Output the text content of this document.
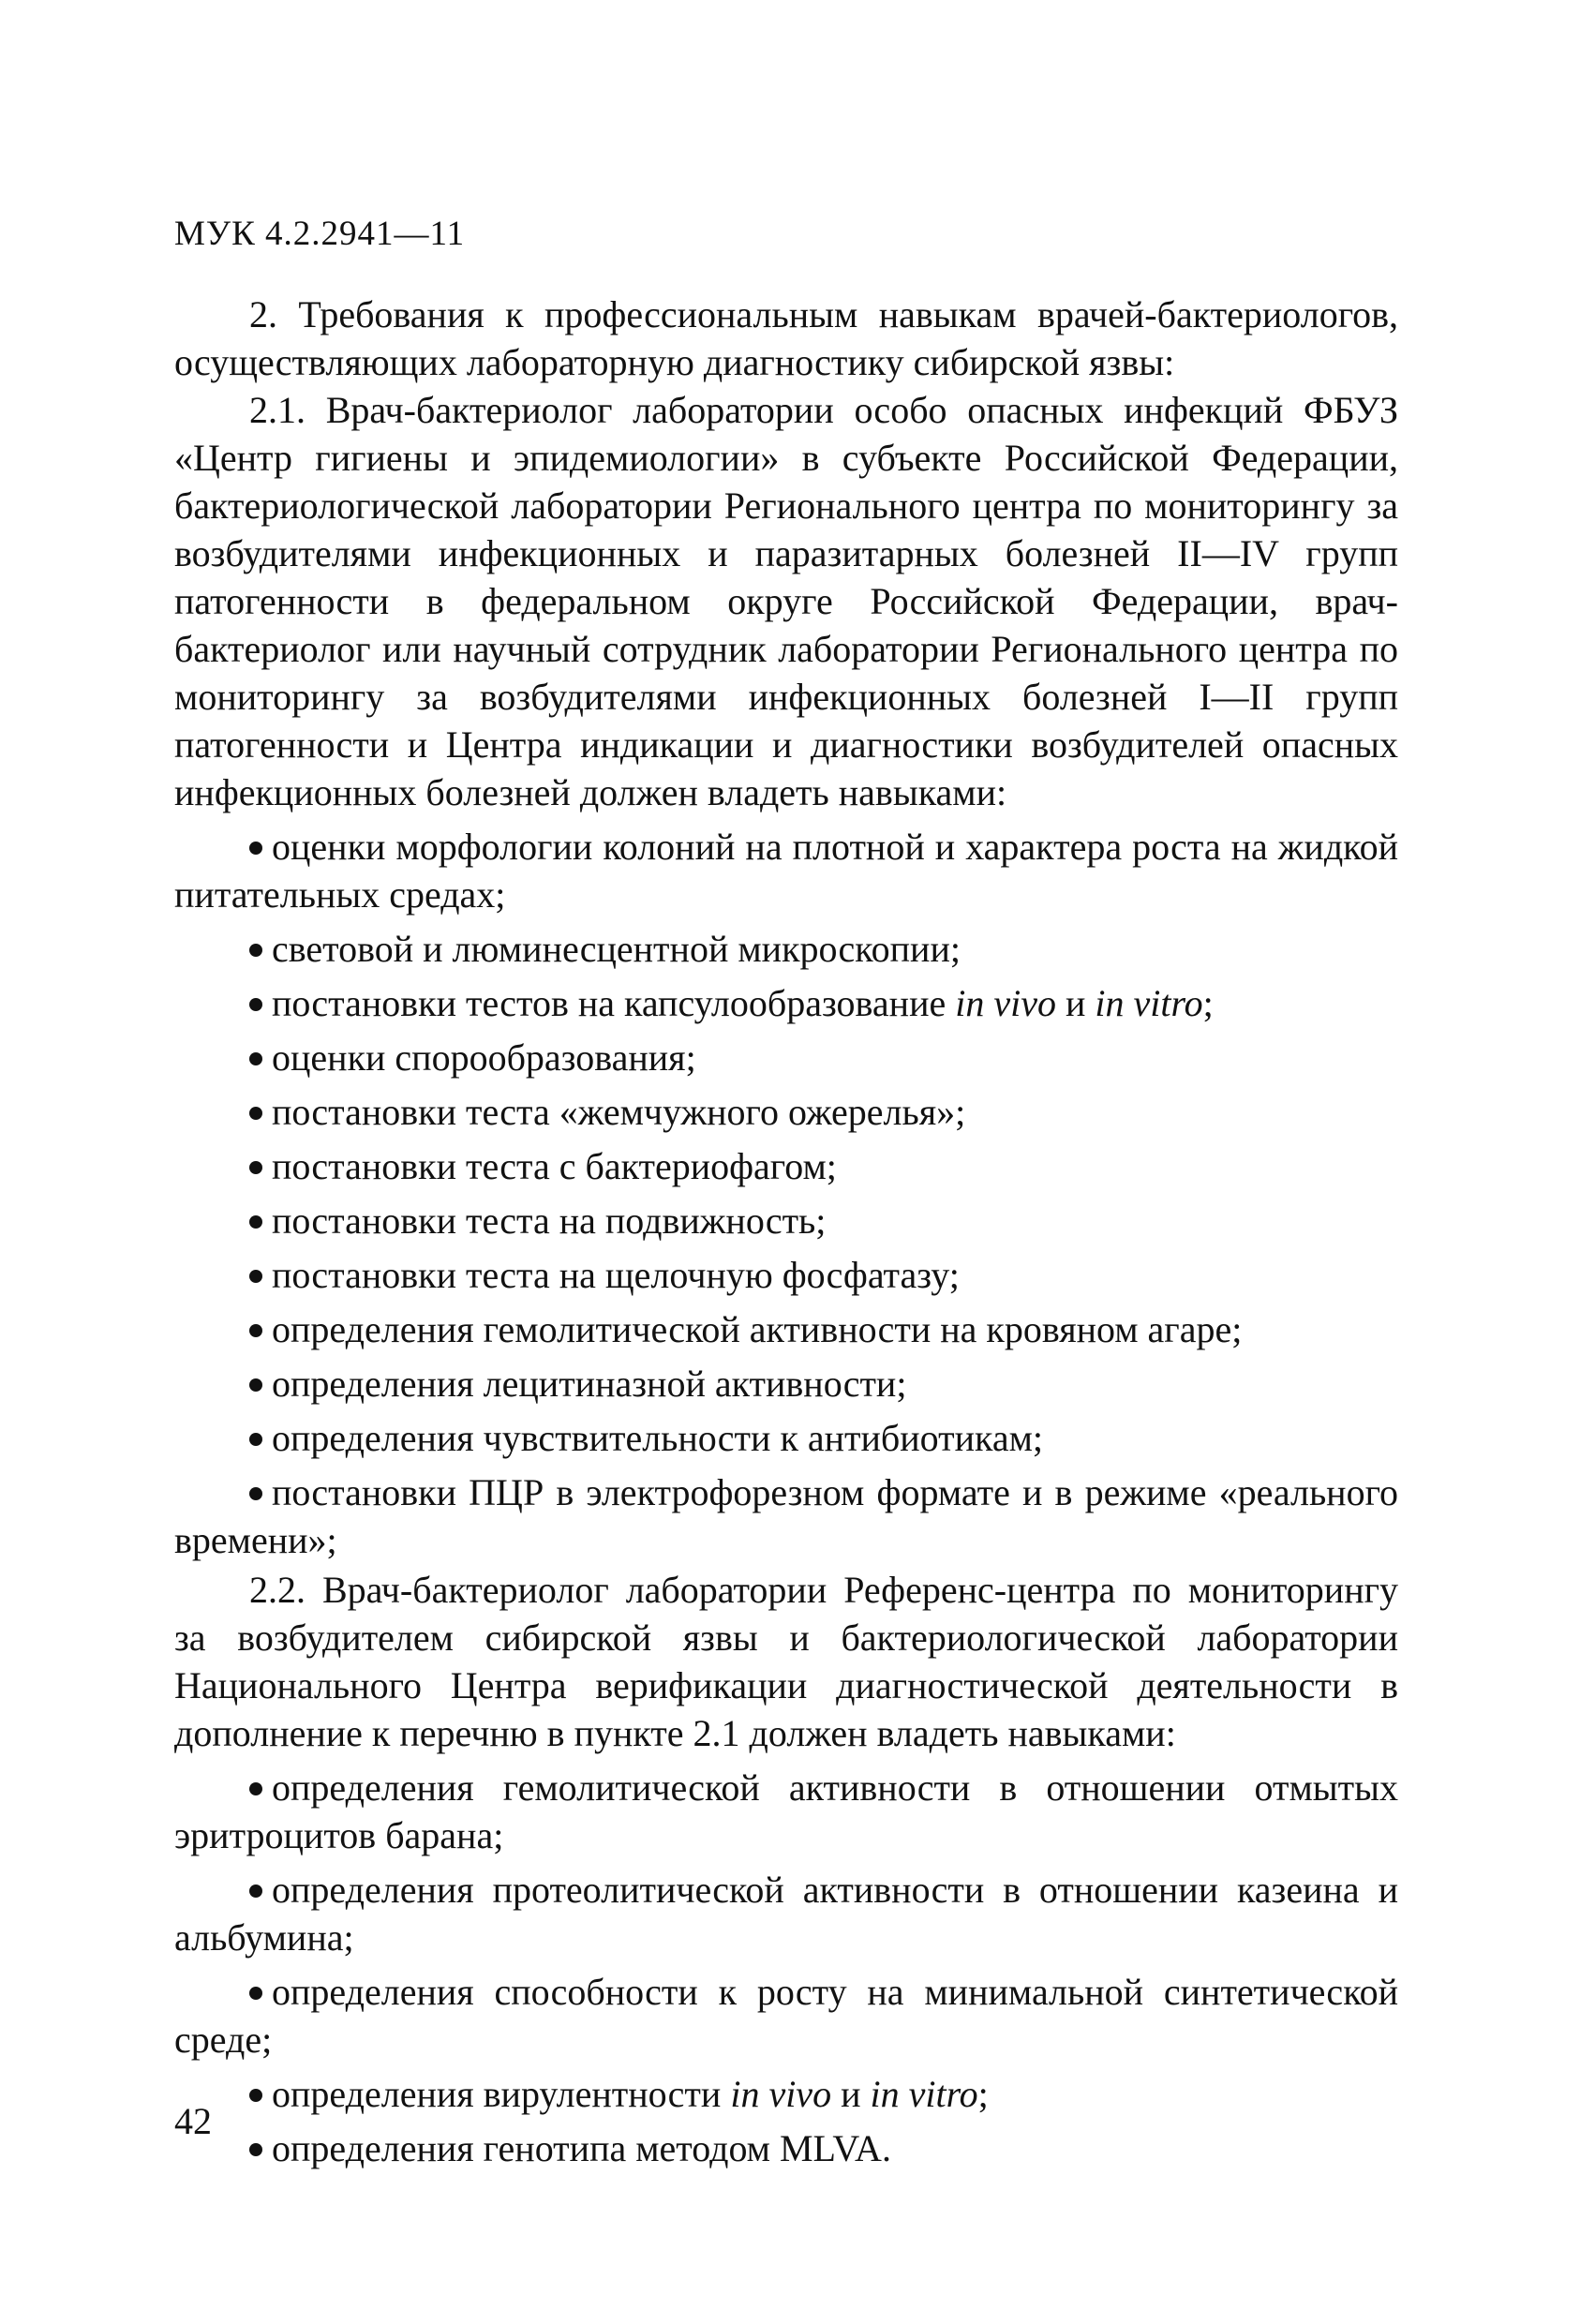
МУК 4.2.2941—11

2. Требования к профессиональным навыкам врачей-бактериологов, осуществляющих лабораторную диагностику сибирской язвы:

2.1. Врач-бактериолог лаборатории особо опасных инфекций ФБУЗ «Центр гигиены и эпидемиологии» в субъекте Российской Федерации, бактериологической лаборатории Регионального центра по мониторингу за возбудителями инфекционных и паразитарных болезней II—IV групп патогенности в федеральном округе Российской Федерации, врач-бактериолог или научный сотрудник лаборатории Регионального центра по мониторингу за возбудителями инфекционных болезней I—II групп патогенности и Центра индикации и диагностики возбудителей опасных инфекционных болезней должен владеть навыками:

оценки морфологии колоний на плотной и характера роста на жидкой питательных средах;

световой и люминесцентной микроскопии;

постановки тестов на капсулообразование in vivo и in vitro;

оценки спорообразования;

постановки теста «жемчужного ожерелья»;

постановки теста с бактериофагом;

постановки теста на подвижность;

постановки теста на щелочную фосфатазу;

определения гемолитической активности на кровяном агаре;

определения лецитиназной активности;

определения чувствительности к антибиотикам;

постановки ПЦР в электрофорезном формате и в режиме «реального времени»;

2.2. Врач-бактериолог лаборатории Референс-центра по мониторингу за возбудителем сибирской язвы и бактериологической лаборатории Национального Центра верификации диагностической деятельности в дополнение к перечню в пункте 2.1 должен владеть навыками:

определения гемолитической активности в отношении отмытых эритроцитов барана;

определения протеолитической активности в отношении казеина и альбумина;

определения способности к росту на минимальной синтетической среде;

определения вирулентности in vivo и in vitro;

определения генотипа методом MLVA.

42
